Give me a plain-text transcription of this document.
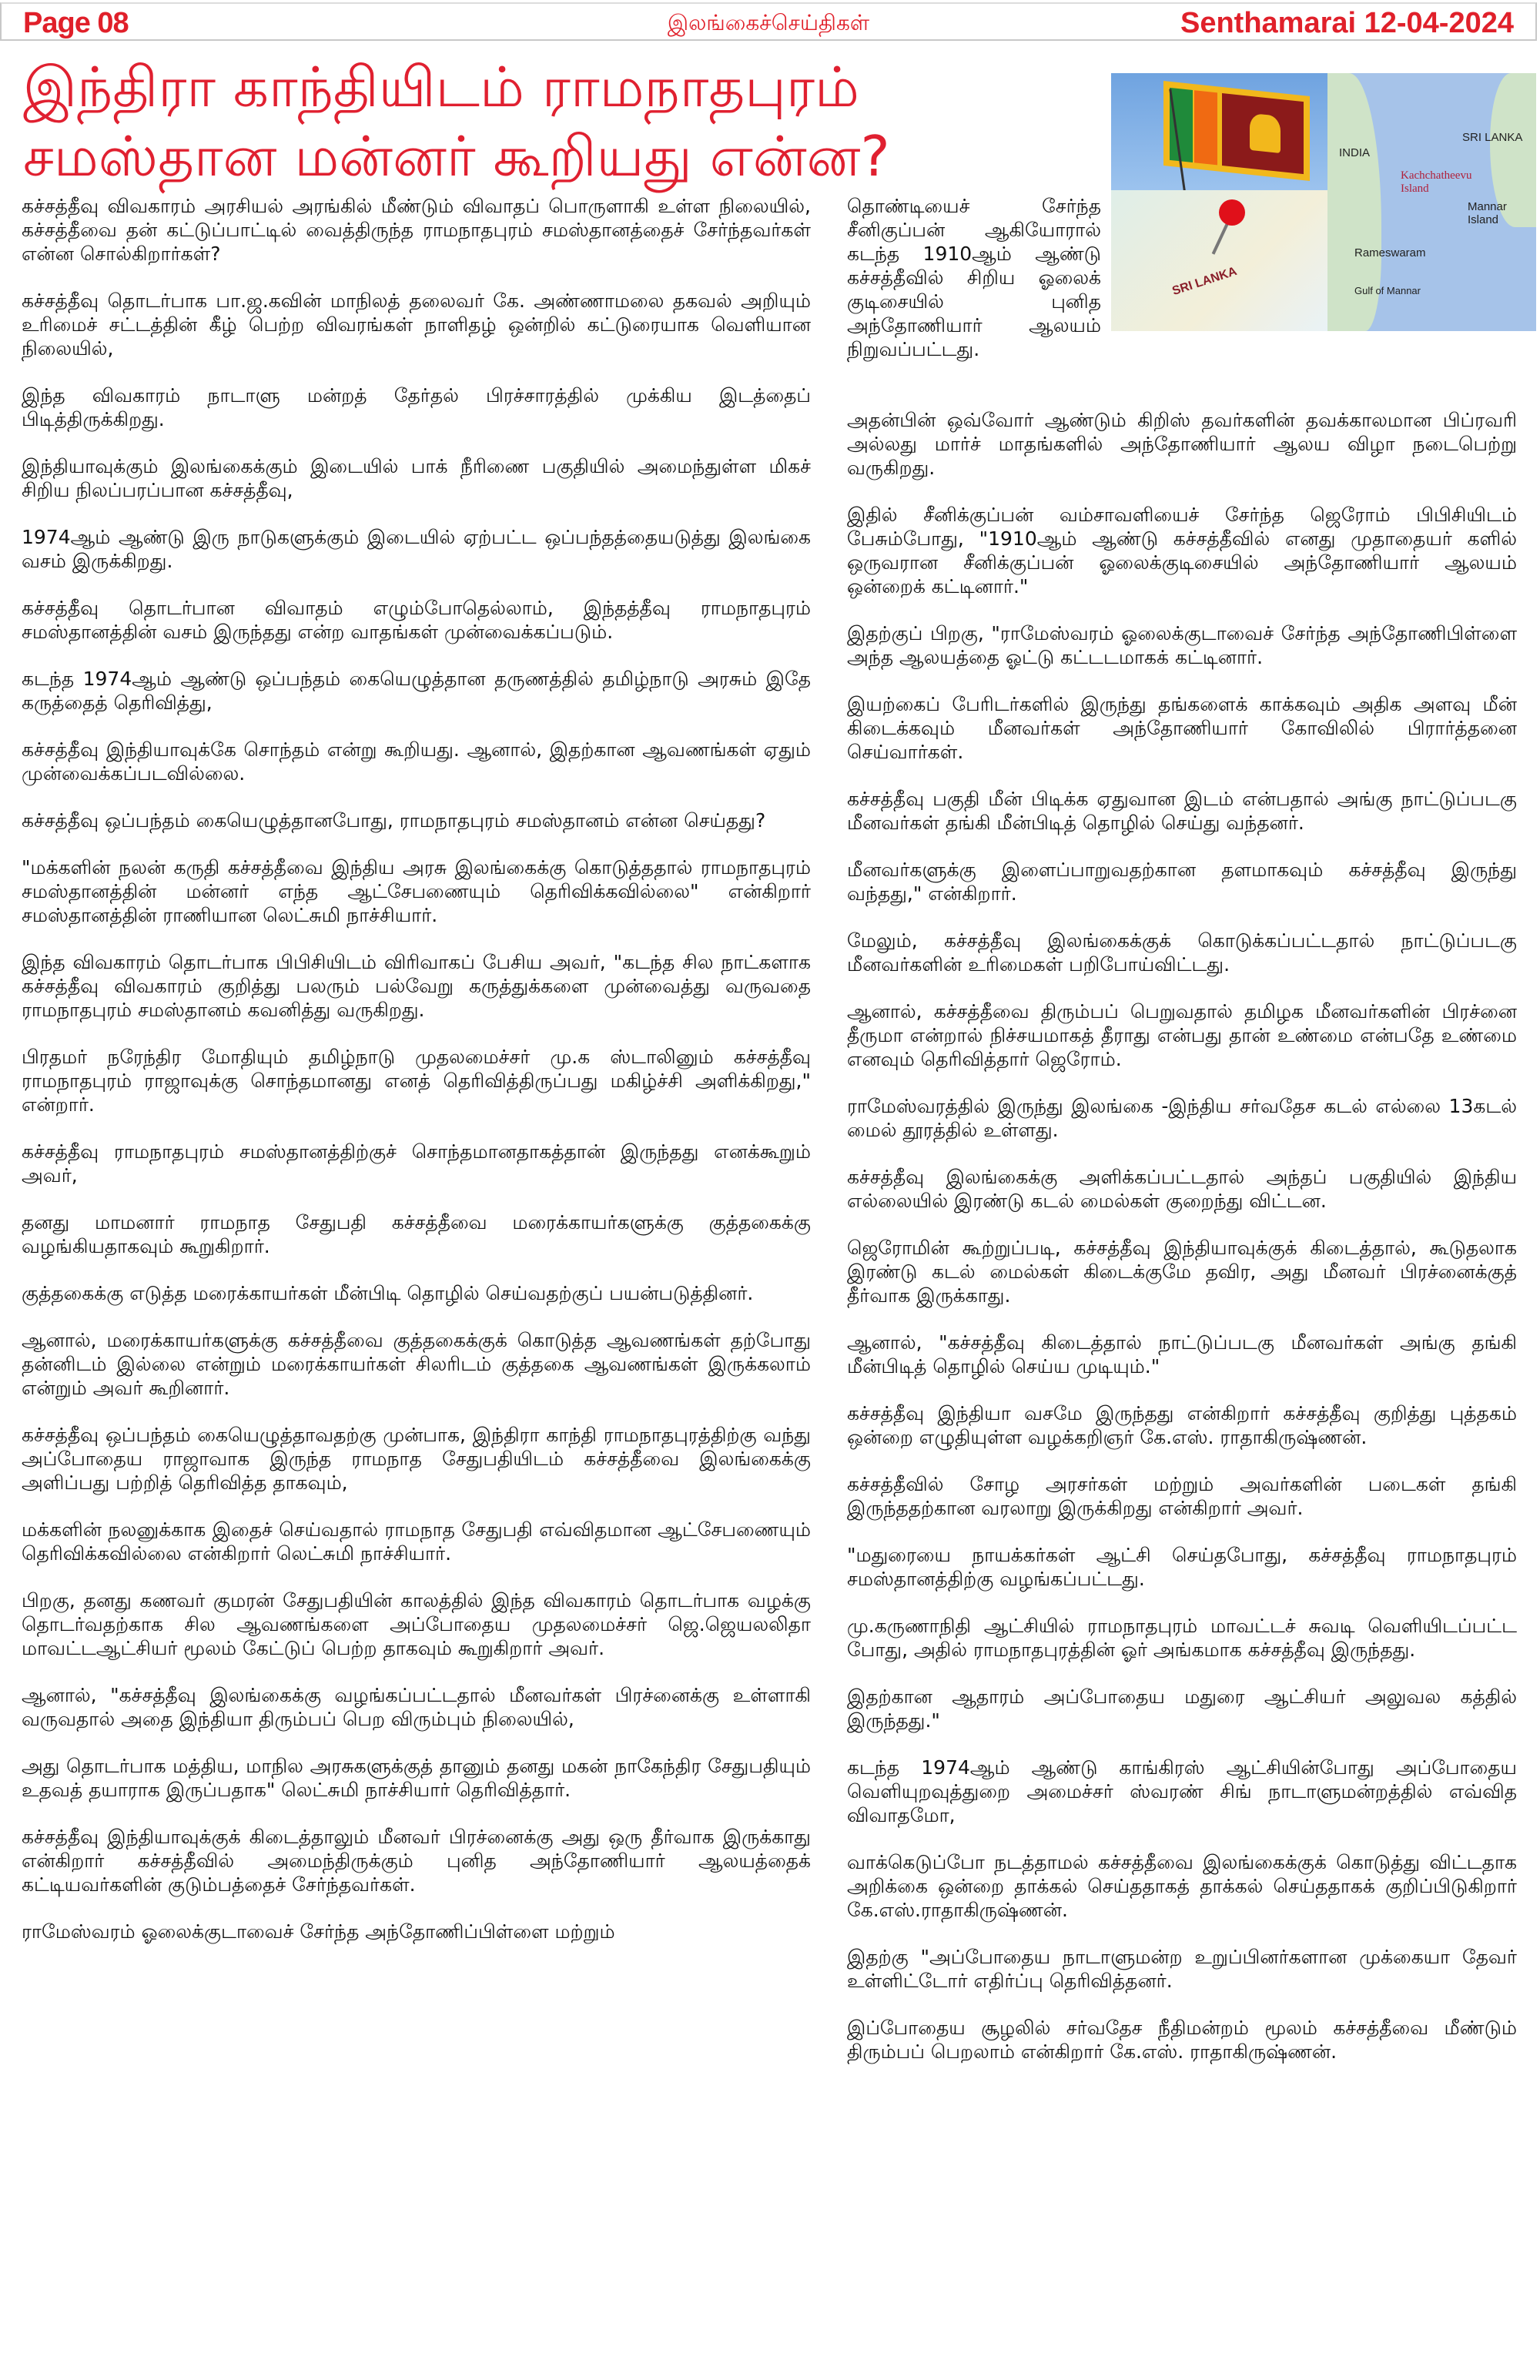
Page 08	இலங்கைச்செய்திகள்	Senthamarai 12-04-2024
இந்திரா காந்தியிடம் ராமநாதபுரம்
சமஸ்தான மன்னர் கூறியது என்ன?
SRI LANKA
INDIA
SRI LANKA
Kachchatheevu Island
Mannar Island
Rameswaram
Gulf of Mannar

கச்சத்தீவு விவகாரம் அரசியல் அரங்கில் மீண்டும் விவாதப் பொருளாகி உள்ள நிலையில், கச்சத்தீவை தன் கட்டுப்பாட்டில் வைத்திருந்த ராமநாதபுரம் சமஸ்தானத்தைச் சேர்ந்தவர்கள் என்ன சொல்கிறார்கள்?

கச்சத்தீவு தொடர்பாக பா.ஜ.கவின் மாநிலத் தலைவர் கே. அண்ணாமலை தகவல் அறியும் உரிமைச் சட்டத்தின் கீழ் பெற்ற விவரங்கள் நாளிதழ் ஒன்றில் கட்டுரையாக வெளியான நிலையில்,

இந்த விவகாரம் நாடாளு மன்றத் தேர்தல் பிரச்சாரத்தில் முக்கிய இடத்தைப் பிடித்திருக்கிறது.

இந்தியாவுக்கும் இலங்கைக்கும் இடையில் பாக் நீரிணை பகுதியில் அமைந்துள்ள மிகச் சிறிய நிலப்பரப்பான கச்சத்தீவு,

1974ஆம் ஆண்டு இரு நாடுகளுக்கும் இடையில் ஏற்பட்ட ஒப்பந்தத்தையடுத்து இலங்கை வசம் இருக்கிறது.

கச்சத்தீவு தொடர்பான விவாதம் எழும்போதெல்லாம், இந்தத்தீவு ராமநாதபுரம் சமஸ்தானத்தின் வசம் இருந்தது என்ற வாதங்கள் முன்வைக்கப்படும்.

கடந்த 1974ஆம் ஆண்டு ஒப்பந்தம் கையெழுத்தான தருணத்தில் தமிழ்நாடு அரசும் இதே கருத்தைத் தெரிவித்து,

கச்சத்தீவு இந்தியாவுக்கே சொந்தம் என்று கூறியது. ஆனால், இதற்கான ஆவணங்கள் ஏதும் முன்வைக்கப்படவில்லை.

கச்சத்தீவு ஒப்பந்தம் கையெழுத்தானபோது, ராமநாதபுரம் சமஸ்தானம் என்ன செய்தது?

"மக்களின் நலன் கருதி கச்சத்தீவை இந்திய அரசு இலங்கைக்கு கொடுத்ததால் ராமநாதபுரம் சமஸ்தானத்தின் மன்னர் எந்த ஆட்சேபணையும் தெரிவிக்கவில்லை" என்கிறார் சமஸ்தானத்தின் ராணியான லெட்சுமி நாச்சியார்.

இந்த விவகாரம் தொடர்பாக பிபிசியிடம் விரிவாகப் பேசிய அவர், "கடந்த சில நாட்களாக கச்சத்தீவு விவகாரம் குறித்து பலரும் பல்வேறு கருத்துக்களை முன்வைத்து வருவதை ராமநாதபுரம் சமஸ்தானம் கவனித்து வருகிறது.

பிரதமர் நரேந்திர மோதியும் தமிழ்நாடு முதலமைச்சர் மு.க ஸ்டாலினும் கச்சத்தீவு ராமநாதபுரம் ராஜாவுக்கு சொந்தமானது எனத் தெரிவித்திருப்பது மகிழ்ச்சி அளிக்கிறது," என்றார்.

கச்சத்தீவு ராமநாதபுரம் சமஸ்தானத்திற்குச் சொந்தமானதாகத்தான் இருந்தது எனக்கூறும் அவர்,

தனது மாமனார் ராமநாத சேதுபதி கச்சத்தீவை மரைக்காயர்களுக்கு குத்தகைக்கு வழங்கியதாகவும் கூறுகிறார்.

குத்தகைக்கு எடுத்த மரைக்காயர்கள் மீன்பிடி தொழில் செய்வதற்குப் பயன்படுத்தினர்.

ஆனால், மரைக்காயர்களுக்கு கச்சத்தீவை குத்தகைக்குக் கொடுத்த ஆவணங்கள் தற்போது தன்னிடம் இல்லை என்றும் மரைக்காயர்கள் சிலரிடம் குத்தகை ஆவணங்கள் இருக்கலாம் என்றும் அவர் கூறினார்.

கச்சத்தீவு ஒப்பந்தம் கையெழுத்தாவதற்கு முன்பாக, இந்திரா காந்தி ராமநாதபுரத்திற்கு வந்து அப்போதைய ராஜாவாக இருந்த ராமநாத சேதுபதியிடம் கச்சத்தீவை இலங்கைக்கு அளிப்பது பற்றித் தெரிவித்த தாகவும்,

மக்களின் நலனுக்காக இதைச் செய்வதால் ராமநாத சேதுபதி எவ்விதமான ஆட்சேபணையும் தெரிவிக்கவில்லை என்கிறார் லெட்சுமி நாச்சியார்.

பிறகு, தனது கணவர் குமரன் சேதுபதியின் காலத்தில் இந்த விவகாரம் தொடர்பாக வழக்கு தொடர்வதற்காக சில ஆவணங்களை அப்போதைய முதலமைச்சர் ஜெ.ஜெயலலிதா மாவட்டஆட்சியர் மூலம் கேட்டுப் பெற்ற தாகவும் கூறுகிறார் அவர்.

ஆனால், "கச்சத்தீவு இலங்கைக்கு வழங்கப்பட்டதால் மீனவர்கள் பிரச்னைக்கு உள்ளாகி வருவதால் அதை இந்தியா திரும்பப் பெற விரும்பும் நிலையில்,

அது தொடர்பாக மத்திய, மாநில அரசுகளுக்குத் தானும் தனது மகன் நாகேந்திர சேதுபதியும் உதவத் தயாராக இருப்பதாக" லெட்சுமி நாச்சியார் தெரிவித்தார்.

கச்சத்தீவு இந்தியாவுக்குக் கிடைத்தாலும் மீனவர் பிரச்னைக்கு அது ஒரு தீர்வாக இருக்காது என்கிறார் கச்சத்தீவில் அமைந்திருக்கும் புனித அந்தோணியார் ஆலயத்தைக் கட்டியவர்களின் குடும்பத்தைச் சேர்ந்தவர்கள்.

ராமேஸ்வரம் ஓலைக்குடாவைச் சேர்ந்த அந்தோணிப்பிள்ளை மற்றும்

தொண்டியைச் சேர்ந்த சீனிகுப்பன் ஆகியோரால் கடந்த 1910ஆம் ஆண்டு கச்சத்தீவில் சிறிய ஓலைக் குடிசையில் புனித அந்தோணியார் ஆலயம் நிறுவப்பட்டது.

அதன்பின் ஒவ்வோர் ஆண்டும் கிறிஸ் தவர்களின் தவக்காலமான பிப்ரவரி அல்லது மார்ச் மாதங்களில் அந்தோணியார் ஆலய விழா நடைபெற்று வருகிறது.

இதில் சீனிக்குப்பன் வம்சாவளியைச் சேர்ந்த ஜெரோம் பிபிசியிடம் பேசும்போது, "1910ஆம் ஆண்டு கச்சத்தீவில் எனது முதாதையர் களில் ஒருவரான சீனிக்குப்பன் ஓலைக்குடிசையில் அந்தோணியார் ஆலயம் ஒன்றைக் கட்டினார்."

இதற்குப் பிறகு, "ராமேஸ்வரம் ஓலைக்குடாவைச் சேர்ந்த அந்தோணிபிள்ளை அந்த ஆலயத்தை ஓட்டு கட்டடமாகக் கட்டினார்.

இயற்கைப் பேரிடர்களில் இருந்து தங்களைக் காக்கவும் அதிக அளவு மீன் கிடைக்கவும் மீனவர்கள் அந்தோணியார் கோவிலில் பிரார்த்தனை செய்வார்கள்.

கச்சத்தீவு பகுதி மீன் பிடிக்க ஏதுவான இடம் என்பதால் அங்கு நாட்டுப்படகு மீனவர்கள் தங்கி மீன்பிடித் தொழில் செய்து வந்தனர்.

மீனவர்களுக்கு இளைப்பாறுவதற்கான தளமாகவும் கச்சத்தீவு இருந்து வந்தது," என்கிறார்.

மேலும், கச்சத்தீவு இலங்கைக்குக் கொடுக்கப்பட்டதால் நாட்டுப்படகு மீனவர்களின் உரிமைகள் பறிபோய்விட்டது.

ஆனால், கச்சத்தீவை திரும்பப் பெறுவதால் தமிழக மீனவர்களின் பிரச்னை தீருமா என்றால் நிச்சயமாகத் தீராது என்பது தான் உண்மை என்பதே உண்மை எனவும் தெரிவித்தார் ஜெரோம்.

ராமேஸ்வரத்தில் இருந்து இலங்கை -இந்திய சர்வதேச கடல் எல்லை 13கடல் மைல் தூரத்தில் உள்ளது.

கச்சத்தீவு இலங்கைக்கு அளிக்கப்பட்டதால் அந்தப் பகுதியில் இந்திய எல்லையில் இரண்டு கடல் மைல்கள் குறைந்து விட்டன.

ஜெரோமின் கூற்றுப்படி, கச்சத்தீவு இந்தியாவுக்குக் கிடைத்தால், கூடுதலாக இரண்டு கடல் மைல்கள் கிடைக்குமே தவிர, அது மீனவர் பிரச்னைக்குத் தீர்வாக இருக்காது.

ஆனால், "கச்சத்தீவு கிடைத்தால் நாட்டுப்படகு மீனவர்கள் அங்கு தங்கி மீன்பிடித் தொழில் செய்ய முடியும்."

கச்சத்தீவு இந்தியா வசமே இருந்தது என்கிறார் கச்சத்தீவு குறித்து புத்தகம் ஒன்றை எழுதியுள்ள வழக்கறிஞர் கே.எஸ். ராதாகிருஷ்ணன்.

கச்சத்தீவில் சோழ அரசர்கள் மற்றும் அவர்களின் படைகள் தங்கி இருந்ததற்கான வரலாறு இருக்கிறது என்கிறார் அவர்.

"மதுரையை நாயக்கர்கள் ஆட்சி செய்தபோது, கச்சத்தீவு ராமநாதபுரம் சமஸ்தானத்திற்கு வழங்கப்பட்டது.

மு.கருணாநிதி ஆட்சியில் ராமநாதபுரம் மாவட்டச் சுவடி வெளியிடப்பட்ட போது, அதில் ராமநாதபுரத்தின் ஓர் அங்கமாக கச்சத்தீவு இருந்தது.

இதற்கான ஆதாரம் அப்போதைய மதுரை ஆட்சியர் அலுவல கத்தில் இருந்தது."

கடந்த 1974ஆம் ஆண்டு காங்கிரஸ் ஆட்சியின்போது அப்போதைய வெளியுறவுத்துறை அமைச்சர் ஸ்வரண் சிங் நாடாளுமன்றத்தில் எவ்வித விவாதமோ,

வாக்கெடுப்போ நடத்தாமல் கச்சத்தீவை இலங்கைக்குக் கொடுத்து விட்டதாக அறிக்கை ஒன்றை தாக்கல் செய்ததாகத் தாக்கல் செய்ததாகக் குறிப்பிடுகிறார் கே.எஸ்.ராதாகிருஷ்ணன்.

இதற்கு "அப்போதைய நாடாளுமன்ற உறுப்பினர்களான முக்கையா தேவர் உள்ளிட்டோர் எதிர்ப்பு தெரிவித்தனர்.

இப்போதைய சூழலில் சர்வதேச நீதிமன்றம் மூலம் கச்சத்தீவை மீண்டும் திரும்பப் பெறலாம் என்கிறார் கே.எஸ். ராதாகிருஷ்ணன்.
